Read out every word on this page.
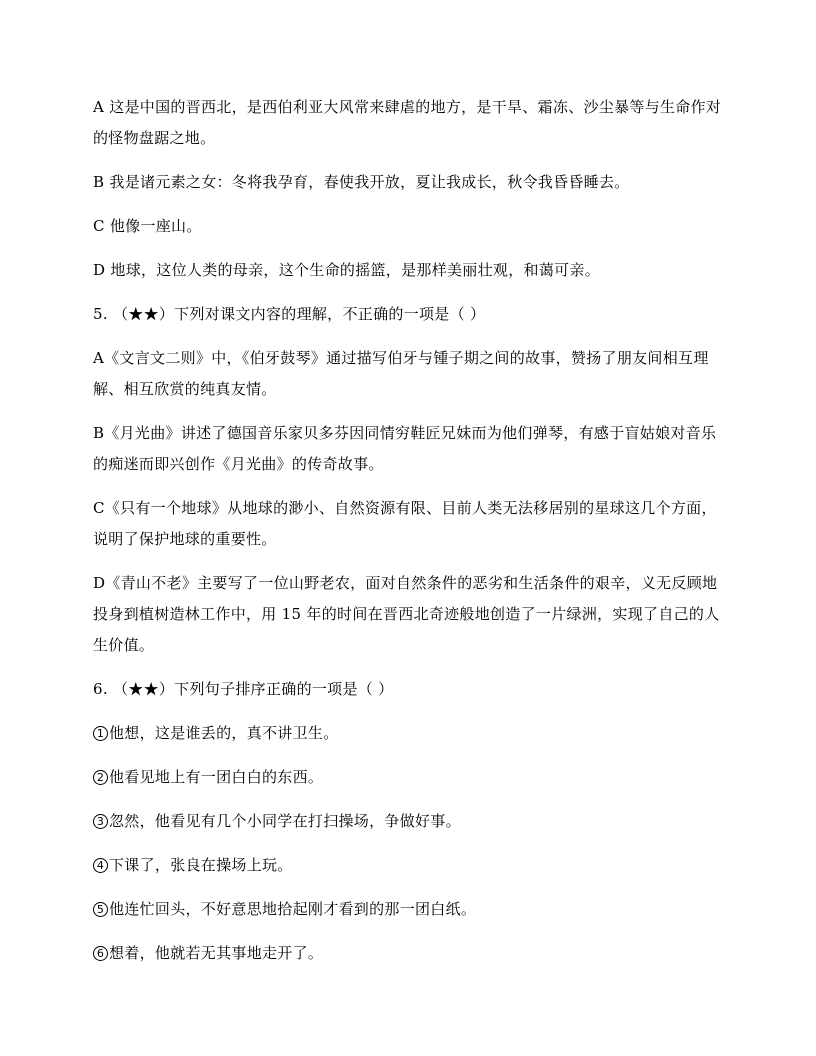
A 这是中国的晋西北，是西伯利亚大风常来肆虐的地方，是干旱、霜冻、沙尘暴等与生命作对的怪物盘踞之地。

B 我是诸元素之女：冬将我孕育，春使我开放，夏让我成长，秋令我昏昏睡去。

C 他像一座山。

D 地球，这位人类的母亲，这个生命的摇篮，是那样美丽壮观，和蔼可亲。

5. （★★）下列对课文内容的理解，不正确的一项是（ ）

A《文言文二则》中，《伯牙鼓琴》通过描写伯牙与锺子期之间的故事，赞扬了朋友间相互理解、相互欣赏的纯真友情。

B《月光曲》讲述了德国音乐家贝多芬因同情穷鞋匠兄妹而为他们弹琴，有感于盲姑娘对音乐的痴迷而即兴创作《月光曲》的传奇故事。

C《只有一个地球》从地球的渺小、自然资源有限、目前人类无法移居别的星球这几个方面，说明了保护地球的重要性。

D《青山不老》主要写了一位山野老农，面对自然条件的恶劣和生活条件的艰辛，义无反顾地投身到植树造林工作中，用 15 年的时间在晋西北奇迹般地创造了一片绿洲，实现了自己的人生价值。

6. （★★）下列句子排序正确的一项是（ ）

1 他想，这是谁丢的，真不讲卫生。
2 他看见地上有一团白白的东西。
3 忽然，他看见有几个小同学在打扫操场，争做好事。
4 下课了，张良在操场上玩。
5 他连忙回头，不好意思地拾起刚才看到的那一团白纸。
6 想着，他就若无其事地走开了。
